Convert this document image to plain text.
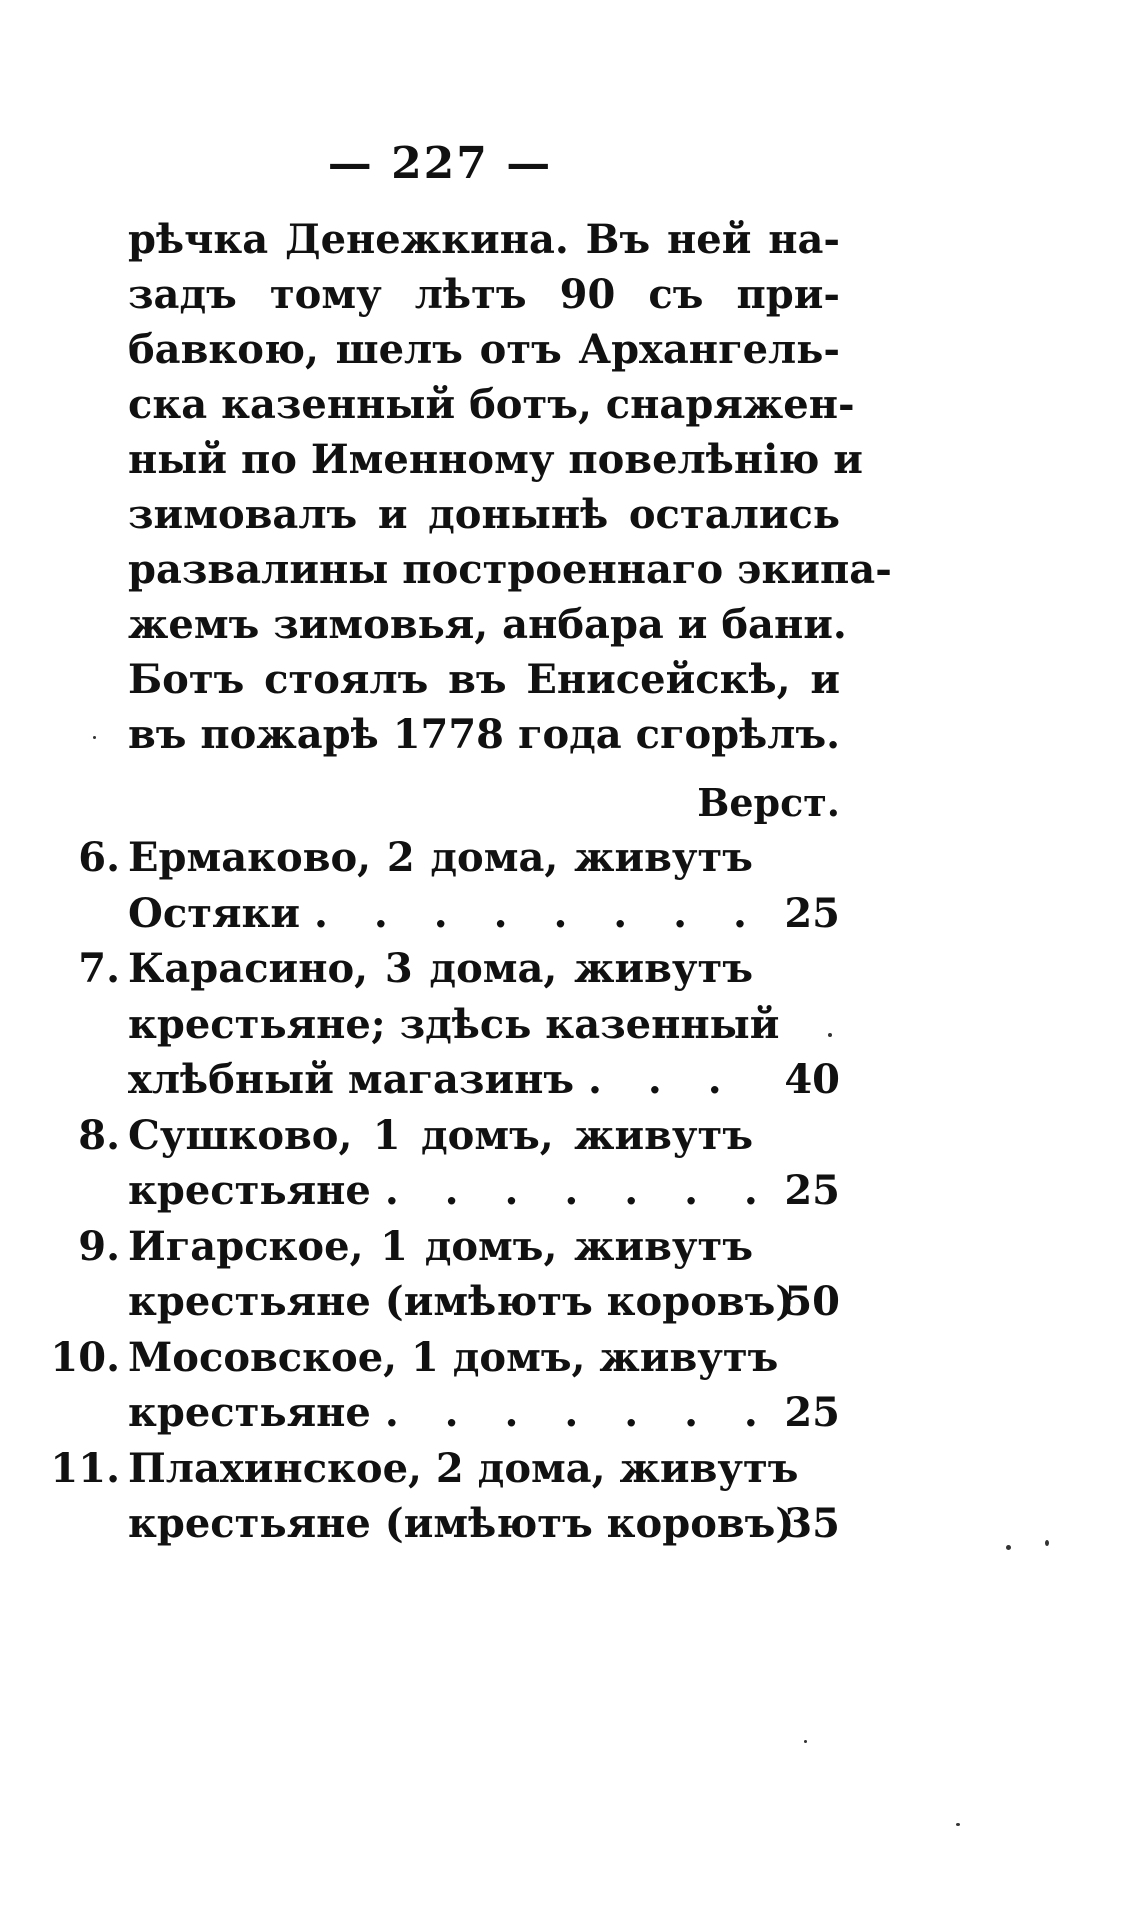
— 227 —
рѣчка Денежкина. Въ ней на-
задъ тому лѣтъ 90 съ при-
бавкою, шелъ отъ Архангель-
ска казенный ботъ, снаряжен-
ный по Именному повелѣнію и
зимовалъ и донынѣ остались
развалины построеннаго экипа-
жемъ зимовья, анбара и бани.
Ботъ стоялъ въ Енисейскѣ, и
въ пожарѣ 1778 года сгорѣлъ.
Верст.
6. Ермаково, 2 дома, живутъ
Остяки . . . . . . . . 25
7. Карасино, 3 дома, живутъ
крестьяне; здѣсь казенный
хлѣбный магазинъ . . .	40
8. Сушково, 1 домъ, живутъ
крестьяне . . . . . . . 25
9. Игарское, 1 домъ, живутъ
крестьяне (имѣютъ коровъ)
50
10. Мосовское, 1 домъ, живутъ
крестьяне . . . . . . . 25
11. Плахинское, 2 дома, живутъ
крестьяне (имѣютъ коровъ)
35
